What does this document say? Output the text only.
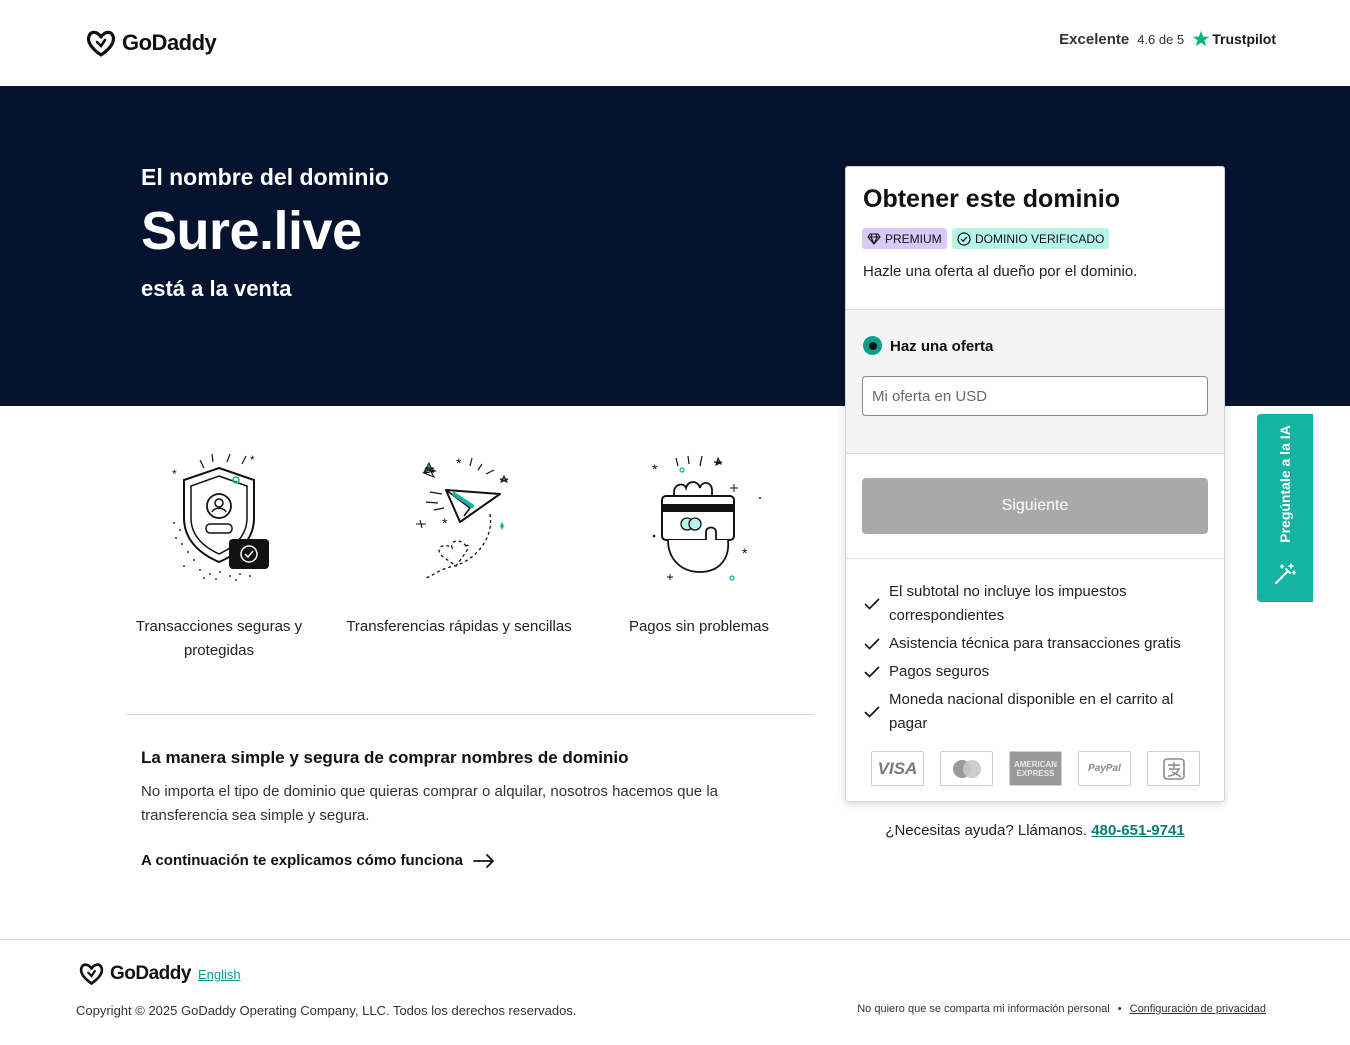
GoDaddy	Excelente 4.6 de 5 Trustpilot
El nombre del dominio
Sure.live
está a la venta
*
*
Transacciones seguras y protegidas
*
*
Transferencias rápidas y sencillas
*
*
Pagos sin problemas
La manera simple y segura de comprar nombres de dominio
No importa el tipo de dominio que quieras comprar o alquilar, nosotros hacemos que la transferencia sea simple y segura.
A continuación te explicamos cómo funciona
Obtener este dominio
PREMIUM	DOMINIO VERIFICADO
Hazle una oferta al dueño por el dominio.
Haz una oferta
Mi oferta en USD
Siguiente
El subtotal no incluye los impuestos correspondientes
Asistencia técnica para transacciones gratis
Pagos seguros
Moneda nacional disponible en el carrito al pagar
VISA	AMERICAN EXPRESS	PayPal
¿Necesitas ayuda? Llámanos. 480-651-9741
Pregúntale a la IA
GoDaddy English
Copyright © 2025 GoDaddy Operating Company, LLC. Todos los derechos reservados.	No quiero que se comparta mi información personal • Configuración de privacidad
